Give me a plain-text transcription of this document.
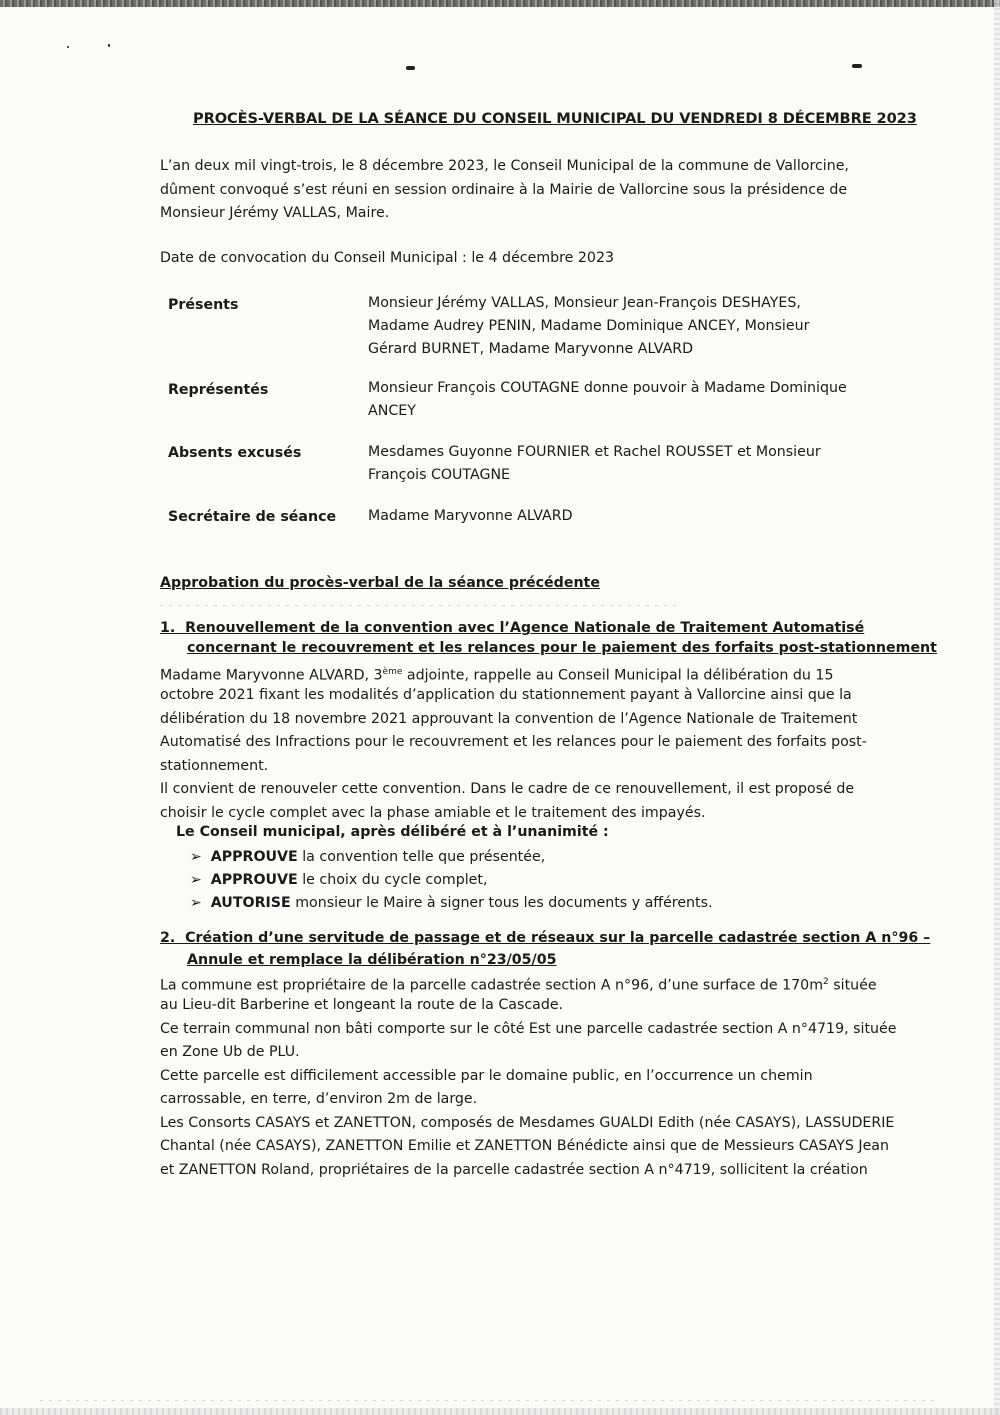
PROCÈS-VERBAL DE LA SÉANCE DU CONSEIL MUNICIPAL DU VENDREDI 8 DÉCEMBRE 2023
L’an deux mil vingt-trois, le 8 décembre 2023, le Conseil Municipal de la commune de Vallorcine,
dûment convoqué s’est réuni en session ordinaire à la Mairie de Vallorcine sous la présidence de
Monsieur Jérémy VALLAS, Maire.
Date de convocation du Conseil Municipal : le 4 décembre 2023
Présents	Monsieur Jérémy VALLAS, Monsieur Jean-François DESHAYES,
Madame Audrey PENIN, Madame Dominique ANCEY, Monsieur
Gérard BURNET, Madame Maryvonne ALVARD
Représentés	Monsieur François COUTAGNE donne pouvoir à Madame Dominique
ANCEY
Absents excusés	Mesdames Guyonne FOURNIER et Rachel ROUSSET et Monsieur
François COUTAGNE
Secrétaire de séance Madame Maryvonne ALVARD
Approbation du procès-verbal de la séance précédente
1.  Renouvellement de la convention avec l’Agence Nationale de Traitement Automatisé
concernant le recouvrement et les relances pour le paiement des forfaits post-stationnement
Madame Maryvonne ALVARD, 3ème adjointe, rappelle au Conseil Municipal la délibération du 15
octobre 2021 fixant les modalités d’application du stationnement payant à Vallorcine ainsi que la
délibération du 18 novembre 2021 approuvant la convention de l’Agence Nationale de Traitement
Automatisé des Infractions pour le recouvrement et les relances pour le paiement des forfaits post-
stationnement.
Il convient de renouveler cette convention. Dans le cadre de ce renouvellement, il est proposé de
choisir le cycle complet avec la phase amiable et le traitement des impayés.
Le Conseil municipal, après délibéré et à l’unanimité :
➢ APPROUVE la convention telle que présentée,
➢ APPROUVE le choix du cycle complet,
➢ AUTORISE monsieur le Maire à signer tous les documents y afférents.
2.  Création d’une servitude de passage et de réseaux sur la parcelle cadastrée section A n°96 –
Annule et remplace la délibération n°23/05/05
La commune est propriétaire de la parcelle cadastrée section A n°96, d’une surface de $170m^2$ située
au Lieu-dit Barberine et longeant la route de la Cascade.
Ce terrain communal non bâti comporte sur le côté Est une parcelle cadastrée section A n°4719, située
en Zone Ub de PLU.
Cette parcelle est difficilement accessible par le domaine public, en l’occurrence un chemin
carrossable, en terre, d’environ 2m de large.
Les Consorts CASAYS et ZANETTON, composés de Mesdames GUALDI Edith (née CASAYS), LASSUDERIE
Chantal (née CASAYS), ZANETTON Emilie et ZANETTON Bénédicte ainsi que de Messieurs CASAYS Jean
et ZANETTON Roland, propriétaires de la parcelle cadastrée section A n°4719, sollicitent la création
